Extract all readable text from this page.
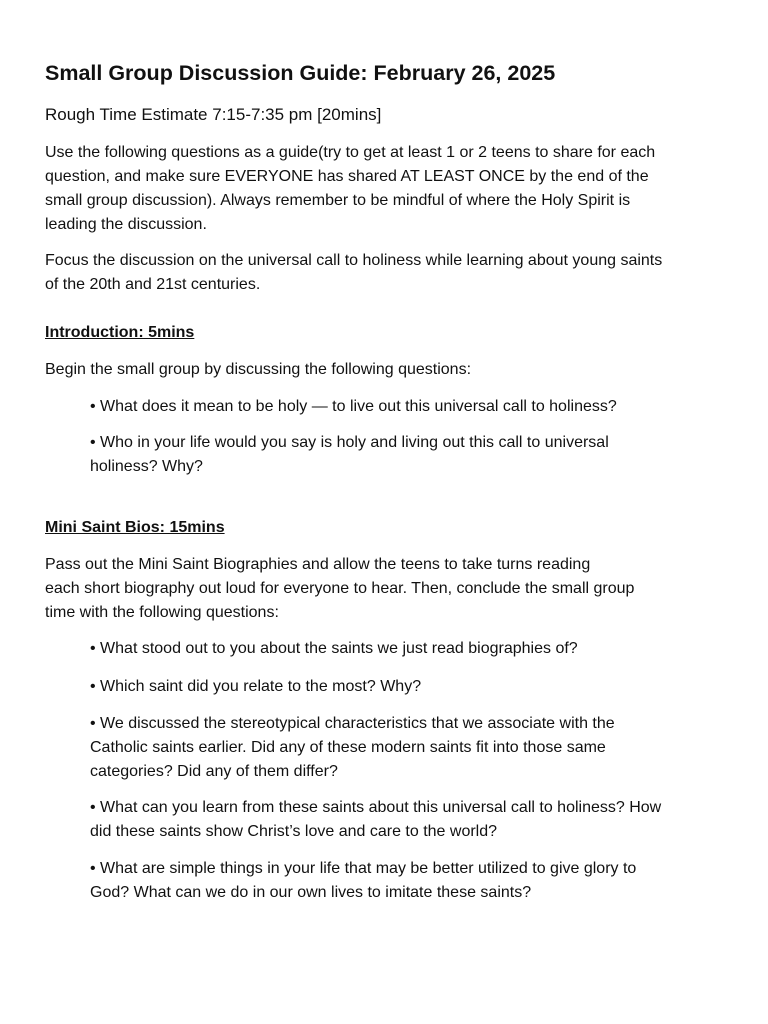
Small Group Discussion Guide: February 26, 2025

Rough Time Estimate 7:15-7:35 pm [20mins]

Use the following questions as a guide(try to get at least 1 or 2 teens to share for each
question, and make sure EVERYONE has shared AT LEAST ONCE by the end of the
small group discussion). Always remember to be mindful of where the Holy Spirit is
leading the discussion.

Focus the discussion on the universal call to holiness while learning about young saints
of the 20th and 21st centuries.

Introduction: 5mins

Begin the small group by discussing the following questions:

• What does it mean to be holy — to live out this universal call to holiness?

• Who in your life would you say is holy and living out this call to universal
holiness? Why?

Mini Saint Bios: 15mins

Pass out the Mini Saint Biographies and allow the teens to take turns reading
each short biography out loud for everyone to hear. Then, conclude the small group
time with the following questions:

• What stood out to you about the saints we just read biographies of?

• Which saint did you relate to the most? Why?

• We discussed the stereotypical characteristics that we associate with the
Catholic saints earlier. Did any of these modern saints fit into those same
categories? Did any of them differ?

• What can you learn from these saints about this universal call to holiness? How
did these saints show Christ’s love and care to the world?

• What are simple things in your life that may be better utilized to give glory to
God? What can we do in our own lives to imitate these saints?
